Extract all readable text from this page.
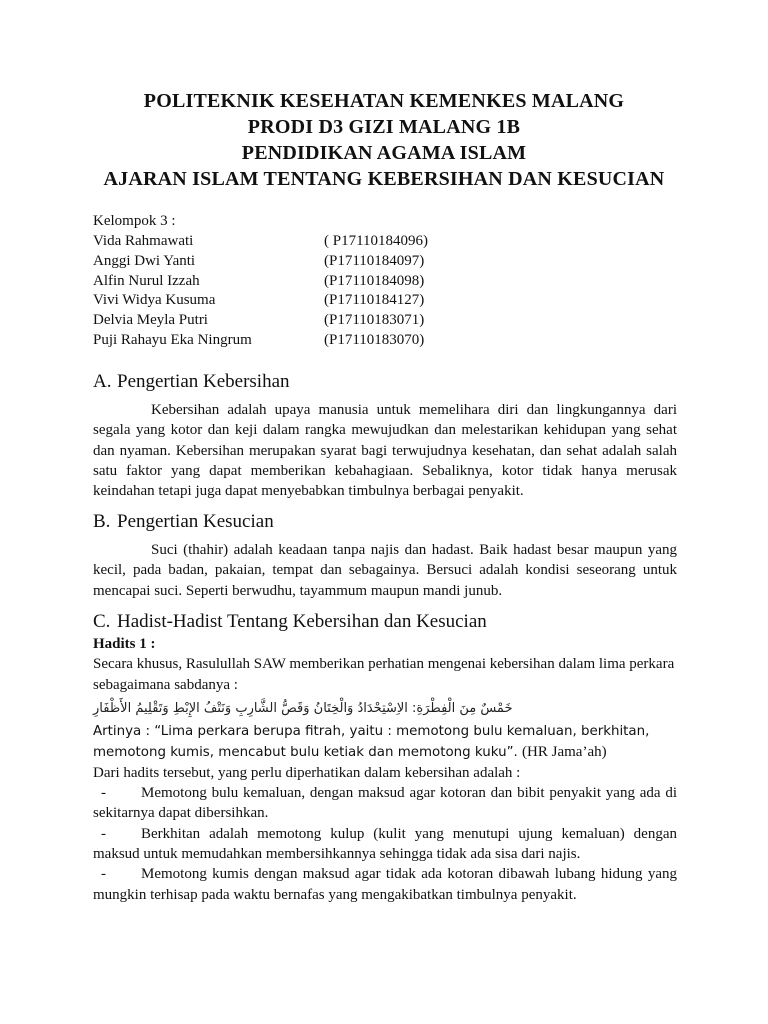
POLITEKNIK KESEHATAN KEMENKES MALANG
PRODI D3 GIZI MALANG 1B
PENDIDIKAN AGAMA ISLAM
AJARAN ISLAM TENTANG KEBERSIHAN DAN KESUCIAN
Kelompok 3 :
Vida Rahmawati	( P17110184096)
Anggi Dwi Yanti	(P17110184097)
Alfin Nurul Izzah	(P17110184098)
Vivi Widya Kusuma	(P17110184127)
Delvia Meyla Putri	(P17110183071)
Puji Rahayu Eka Ningrum	(P17110183070)
A. Pengertian Kebersihan

Kebersihan adalah upaya manusia untuk memelihara diri dan lingkungannya dari segala yang kotor dan keji dalam rangka mewujudkan dan melestarikan kehidupan yang sehat dan nyaman. Kebersihan merupakan syarat bagi terwujudnya kesehatan, dan sehat adalah salah satu faktor yang dapat memberikan kebahagiaan. Sebaliknya, kotor tidak hanya merusak keindahan tetapi juga dapat menyebabkan timbulnya berbagai penyakit.

B. Pengertian Kesucian

Suci (thahir) adalah keadaan tanpa najis dan hadast. Baik hadast besar maupun yang kecil, pada badan, pakaian, tempat dan sebagainya. Bersuci adalah kondisi seseorang untuk mencapai suci. Seperti berwudhu, tayammum maupun mandi junub.

C. Hadist-Hadist Tentang Kebersihan dan Kesucian

Hadits 1 :

Secara khusus, Rasulullah SAW memberikan perhatian mengenai kebersihan dalam lima perkara sebagaimana sabdanya :

خَمْسٌ مِنَ الْفِطْرَةِ: الاِسْتِحْدَادُ وَالْخِتَانُ وَقَصُّ الشَّارِبِ وَنَتْفُ الإِبْطِ وَتَقْلِيمُ الأَظْفَارِ

Artinya : “Lima perkara berupa fitrah, yaitu : memotong bulu kemaluan, berkhitan, memotong kumis, mencabut bulu ketiak dan memotong kuku”. (HR Jama’ah)

Dari hadits tersebut, yang perlu diperhatikan dalam kebersihan adalah :

- Memotong bulu kemaluan, dengan maksud agar kotoran dan bibit penyakit yang ada di sekitarnya dapat dibersihkan.

- Berkhitan adalah memotong kulup (kulit yang menutupi ujung kemaluan) dengan maksud untuk memudahkan membersihkannya sehingga tidak ada sisa dari najis.

- Memotong kumis dengan maksud agar tidak ada kotoran dibawah lubang hidung yang mungkin terhisap pada waktu bernafas yang mengakibatkan timbulnya penyakit.
